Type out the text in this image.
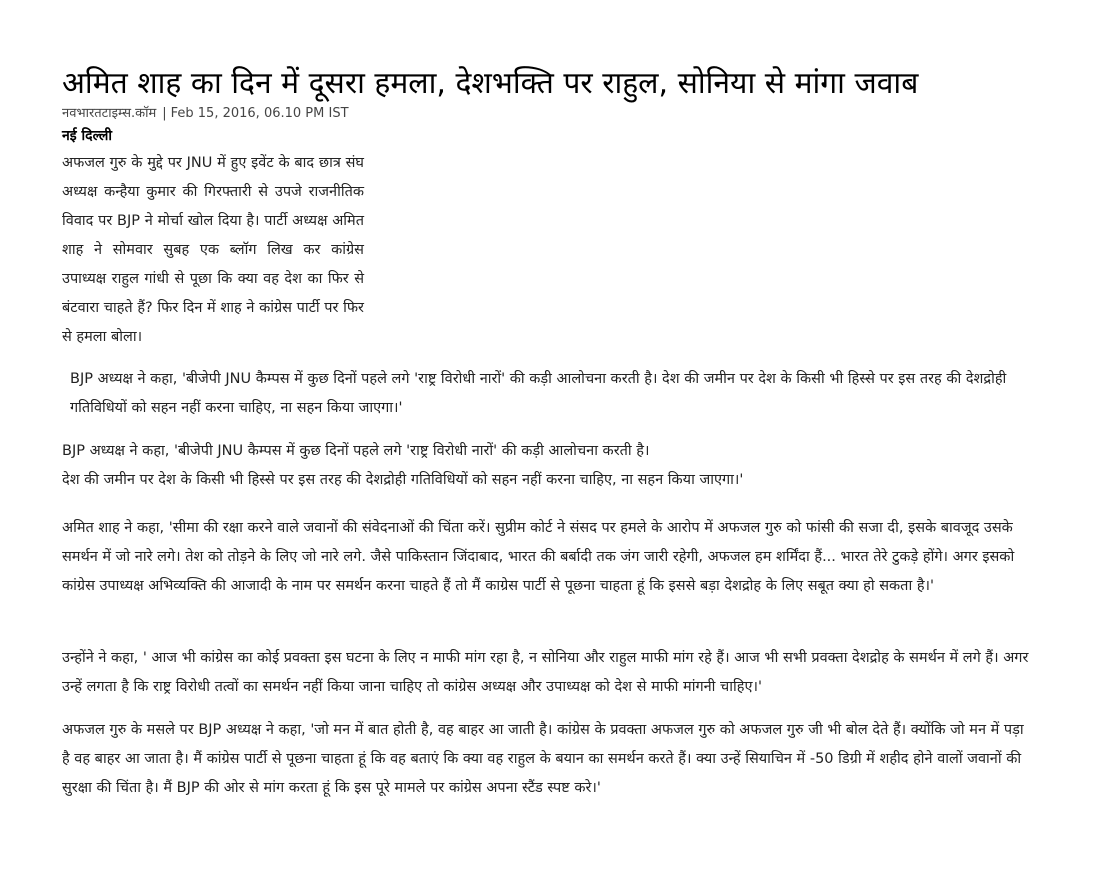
अमित शाह का दिन में दूसरा हमला, देशभक्ति पर राहुल, सोनिया से मांगा जवाब
नवभारतटाइम्स.कॉम | Feb 15, 2016, 06.10 PM IST
नई दिल्ली

अफजल गुरु के मुद्दे पर JNU में हुए इवेंट के बाद छात्र संघ अध्यक्ष कन्हैया कुमार की गिरफ्तारी से उपजे राजनीतिक विवाद पर BJP ने मोर्चा खोल दिया है। पार्टी अध्यक्ष अमित शाह ने सोमवार सुबह एक ब्लॉग लिख कर कांग्रेस उपाध्यक्ष राहुल गांधी से पूछा कि क्या वह देश का फिर से बंटवारा चाहते हैं? फिर दिन में शाह ने कांग्रेस पार्टी पर फिर से हमला बोला।

BJP अध्यक्ष ने कहा, 'बीजेपी JNU कैम्पस में कुछ दिनों पहले लगे 'राष्ट्र विरोधी नारों' की कड़ी आलोचना करती है। देश की जमीन पर देश के किसी भी हिस्से पर इस तरह की देशद्रोही गतिविधियों को सहन नहीं करना चाहिए, ना सहन किया जाएगा।'

BJP अध्यक्ष ने कहा, 'बीजेपी JNU कैम्पस में कुछ दिनों पहले लगे 'राष्ट्र विरोधी नारों' की कड़ी आलोचना करती है।
देश की जमीन पर देश के किसी भी हिस्से पर इस तरह की देशद्रोही गतिविधियों को सहन नहीं करना चाहिए, ना सहन किया जाएगा।'

अमित शाह ने कहा, 'सीमा की रक्षा करने वाले जवानों की संवेदनाओं की चिंता करें। सुप्रीम कोर्ट ने संसद पर हमले के आरोप में अफजल गुरु को फांसी की सजा दी, इसके बावजूद उसके समर्थन में जो नारे लगे। तेश को तोड़ने के लिए जो नारे लगे. जैसे पाकिस्तान जिंदाबाद, भारत की बर्बादी तक जंग जारी रहेगी, अफजल हम शर्मिंदा हैं... भारत तेरे टुकड़े होंगे। अगर इसको कांग्रेस उपाध्यक्ष अभिव्यक्ति की आजादी के नाम पर समर्थन करना चाहते हैं तो मैं काग्रेस पार्टी से पूछना चाहता हूं कि इससे बड़ा देशद्रोह के लिए सबूत क्या हो सकता है।'

उन्होंने ने कहा, ' आज भी कांग्रेस का कोई प्रवक्ता इस घटना के लिए न माफी मांग रहा है, न सोनिया और राहुल माफी मांग रहे हैं। आज भी सभी प्रवक्ता देशद्रोह के समर्थन में लगे हैं। अगर उन्हें लगता है कि राष्ट्र विरोधी तत्वों का समर्थन नहीं किया जाना चाहिए तो कांग्रेस अध्यक्ष और उपाध्यक्ष को देश से माफी मांगनी चाहिए।'

अफजल गुरु के मसले पर BJP अध्यक्ष ने कहा, 'जो मन में बात होती है, वह बाहर आ जाती है। कांग्रेस के प्रवक्ता अफजल गुरु को अफजल गुरु जी भी बोल देते हैं। क्योंकि जो मन में पड़ा है वह बाहर आ जाता है। मैं कांग्रेस पार्टी से पूछना चाहता हूं कि वह बताएं कि क्या वह राहुल के बयान का समर्थन करते हैं। क्या उन्हें सियाचिन में -50 डिग्री में शहीद होने वालों जवानों की सुरक्षा की चिंता है। मैं BJP की ओर से मांग करता हूं कि इस पूरे मामले पर कांग्रेस अपना स्टैंड स्पष्ट करे।'
